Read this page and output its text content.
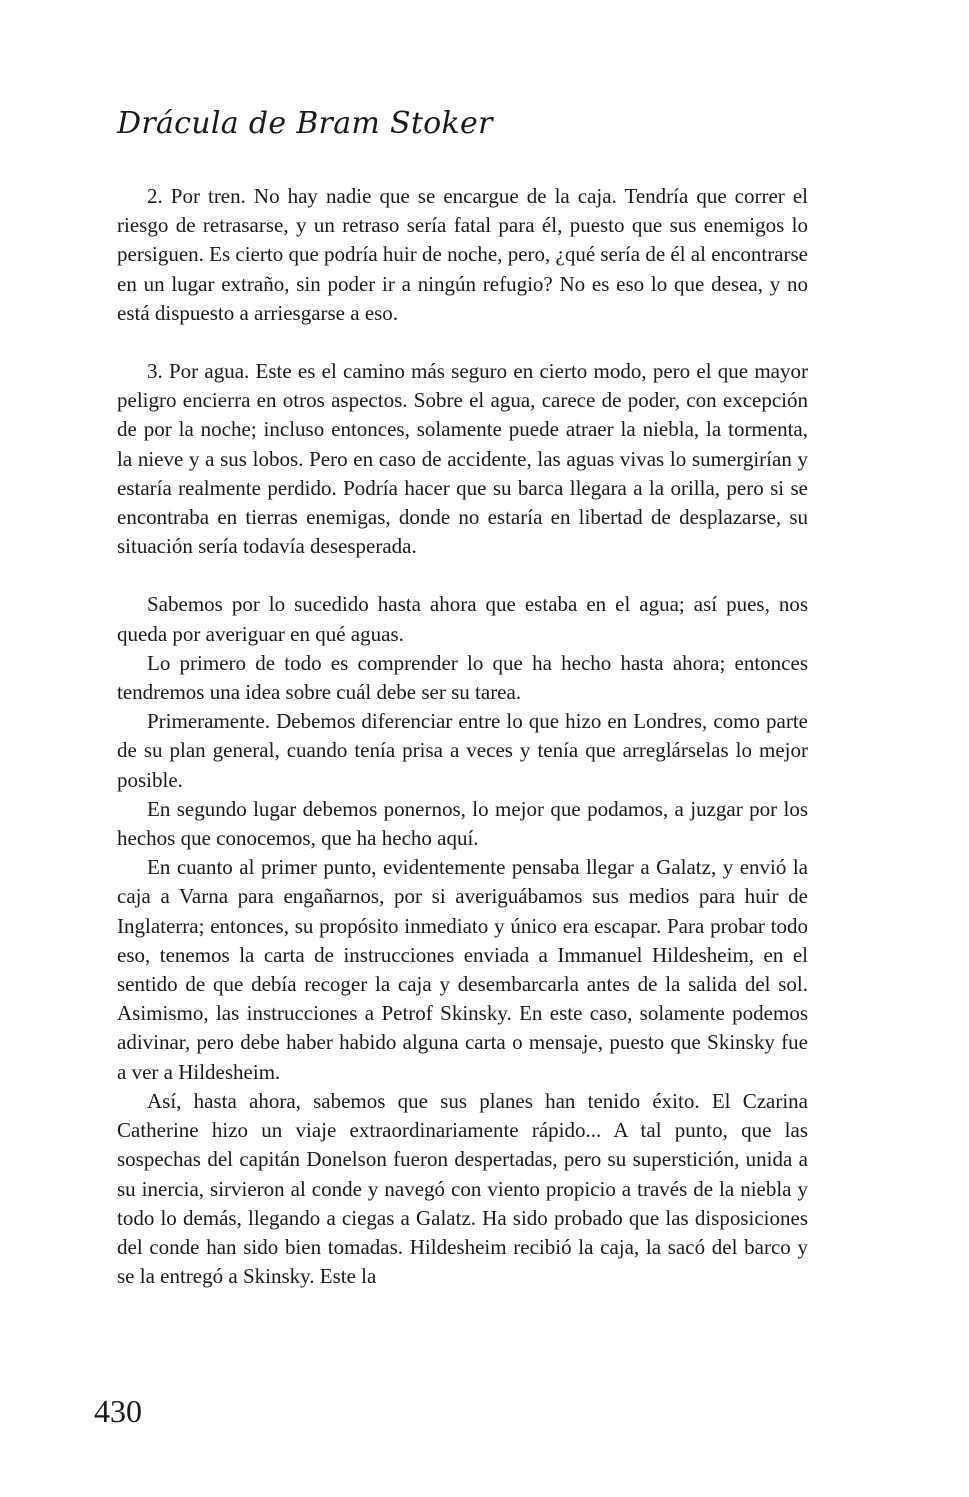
Drácula de Bram Stoker

2. Por tren. No hay nadie que se encargue de la caja. Tendría que correr el riesgo de retrasarse, y un retraso sería fatal para él, puesto que sus enemigos lo persiguen. Es cierto que podría huir de noche, pero, ¿qué sería de él al encontrarse en un lugar extraño, sin poder ir a ningún refugio? No es eso lo que desea, y no está dispuesto a arriesgarse a eso.

3. Por agua. Este es el camino más seguro en cierto modo, pero el que mayor peligro encierra en otros aspectos. Sobre el agua, carece de poder, con excepción de por la noche; incluso entonces, solamente puede atraer la niebla, la tormenta, la nieve y a sus lobos. Pero en caso de accidente, las aguas vivas lo sumergirían y estaría realmente perdido. Podría hacer que su barca llegara a la orilla, pero si se encontraba en tierras enemigas, donde no estaría en libertad de desplazarse, su situación sería todavía desesperada.

Sabemos por lo sucedido hasta ahora que estaba en el agua; así pues, nos queda por averiguar en qué aguas.

Lo primero de todo es comprender lo que ha hecho hasta ahora; entonces tendremos una idea sobre cuál debe ser su tarea.

Primeramente. Debemos diferenciar entre lo que hizo en Londres, como parte de su plan general, cuando tenía prisa a veces y tenía que arreglárselas lo mejor posible.

En segundo lugar debemos ponernos, lo mejor que podamos, a juzgar por los hechos que conocemos, que ha hecho aquí.

En cuanto al primer punto, evidentemente pensaba llegar a Galatz, y envió la caja a Varna para engañarnos, por si averiguábamos sus medios para huir de Inglaterra; entonces, su propósito inmediato y único era escapar. Para probar todo eso, tenemos la carta de instrucciones enviada a Immanuel Hildesheim, en el sentido de que debía recoger la caja y desembarcarla antes de la salida del sol. Asimismo, las instrucciones a Petrof Skinsky. En este caso, solamente podemos adivinar, pero debe haber habido alguna carta o mensaje, puesto que Skinsky fue a ver a Hildesheim.

Así, hasta ahora, sabemos que sus planes han tenido éxito. El Czarina Catherine hizo un viaje extraordinariamente rápido... A tal punto, que las sospechas del capitán Donelson fueron despertadas, pero su superstición, unida a su inercia, sirvieron al conde y navegó con viento propicio a través de la niebla y todo lo demás, llegando a ciegas a Galatz. Ha sido probado que las disposiciones del conde han sido bien tomadas. Hildesheim recibió la caja, la sacó del barco y se la entregó a Skinsky. Este la

430
